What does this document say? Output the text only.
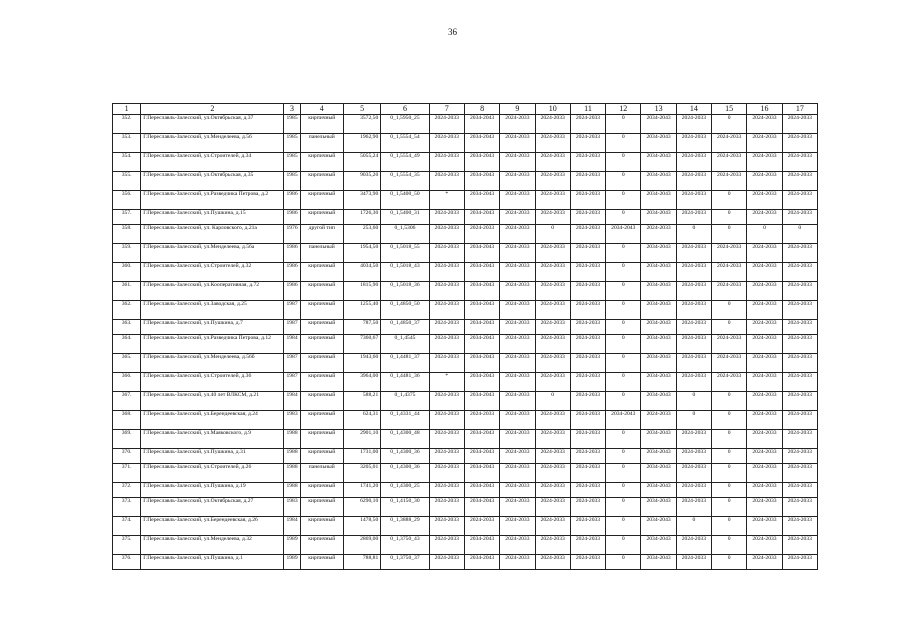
36
1	2	3	4	5	6	7	8	9	10	11	12	13	14	15	16	17
352.	Г.Переславль-Залесский, ул.Октябрьская, д.37	1985	кирпичный	3572,50	0_1,5950_25	2024-2033	2034-2043	2024-2033	2024-2033	2024-2033	0	2034-2043	2024-2033	0	2024-2033	2024-2033
353.	Г.Переславль-Залесский, ул.Менделеева, д.56	1985	панельный	1962,90	0_1,5554_54	2024-2033	2034-2043	2024-2033	2024-2033	2024-2033	0	2034-2043	2024-2033	2024-2033	2024-2033	2024-2033
354.	Г.Переславль-Залесский, ул.Строителей, д.34	1985	кирпичный	5055,24	0_1,5554_49	2024-2033	2034-2043	2024-2033	2024-2033	2024-2033	0	2034-2043	2024-2033	2024-2033	2024-2033	2024-2033
355.	Г.Переславль-Залесский, ул.Октябрьская, д.35	1985	кирпичный	9035,20	0_1,5554_35	2024-2033	2034-2043	2024-2033	2024-2033	2024-2033	0	2034-2043	2024-2033	2024-2033	2024-2033	2024-2033
356.	Г.Переславль-Залесский, ул.Разведчика Петрова, д.2	1986	кирпичный	3473,90	0_1,5400_50	*	2034-2043	2024-2033	2024-2033	2024-2033	0	2034-2043	2024-2033	0	2024-2033	2024-2033
357.	Г.Переславль-Залесский, ул.Пушкина, д.15	1986	кирпичный	1726,30	0_1,5400_31	2024-2033	2034-2043	2024-2033	2024-2033	2024-2033	0	2034-2043	2024-2033	0	2024-2033	2024-2033
358.	Г.Переславль-Залесский, ул. Карловского, д.21а	1976	другой тип	253,60	0_1,5306	2024-2033	2024-2033	2024-2033	0	2024-2033	2034-2043	2024-2033	0	0	0	0
359.	Г.Переславль-Залесский, ул.Менделеева, д.56а	1986	панельный	1954,50	0_1,5018_55	2024-2033	2034-2043	2024-2033	2024-2033	2024-2033	0	2034-2043	2024-2033	2024-2033	2024-2033	2024-2033
360.	Г.Переславль-Залесский, ул.Строителей, д.32	1986	кирпичный	4034,50	0_1,5018_43	2024-2033	2034-2043	2024-2033	2024-2033	2024-2033	0	2034-2043	2024-2033	2024-2033	2024-2033	2024-2033
361.	Г.Переславль-Залесский, ул.Кооперативная, д.72	1986	кирпичный	1815,90	0_1,5018_36	2024-2033	2034-2043	2024-2033	2024-2033	2024-2033	0	2034-2043	2024-2033	2024-2033	2024-2033	2024-2033
362.	Г.Переславль-Залесский, ул.Заводская, д.25	1987	кирпичный	1255,40	0_1,4850_50	2024-2033	2034-2043	2024-2033	2024-2033	2024-2033	0	2034-2043	2024-2033	0	2024-2033	2024-2033
363.	Г.Переславль-Залесский, ул.Пушкина, д.7	1987	кирпичный	787,50	0_1,4850_37	2024-2033	2034-2043	2024-2033	2024-2033	2024-2033	0	2034-2043	2024-2033	0	2024-2033	2024-2033
364.	Г.Переславль-Залесский, ул.Разведчика Петрова, д.12	1984	кирпичный	7360,67	0_1,4545	2024-2033	2034-2043	2024-2033	2024-2033	2024-2033	0	2034-2043	2024-2033	2024-2033	2024-2033	2024-2033
365.	Г.Переславль-Залесский, ул.Менделеева, д.56б	1987	кирпичный	1943,60	0_1,4481_37	2024-2033	2034-2043	2024-2033	2024-2033	2024-2033	0	2034-2043	2024-2033	2024-2033	2024-2033	2024-2033
366.	Г.Переславль-Залесский, ул.Строителей, д.36	1987	кирпичный	3964,00	0_1,4481_36	*	2034-2043	2024-2033	2024-2033	2024-2033	0	2034-2043	2024-2033	2024-2033	2024-2033	2024-2033
367.	Г.Переславль-Залесский, ул.40 лет ВЛКСМ, д.21	1984	кирпичный	588,21	0_1,4375	2024-2033	2034-2043	2024-2033	0	2024-2033	0	2034-2043	0	0	2024-2033	2024-2033
368.	Г.Переславль-Залесский, ул.Берендеевская, д.24	1983	кирпичный	624,31	0_1,4331_44	2024-2033	2024-2033	2024-2033	2024-2033	2024-2033	2034-2043	2024-2033	0	0	2024-2033	2024-2033
369.	Г.Переславль-Залесский, ул.Маяковского, д.9	1988	кирпичный	2901,10	0_1,4300_48	2024-2033	2034-2043	2024-2033	2024-2033	2024-2033	0	2034-2043	2024-2033	0	2024-2033	2024-2033
370.	Г.Переславль-Залесский, ул.Пушкина, д.31	1988	кирпичный	1731,00	0_1,4300_36	2024-2033	2034-2043	2024-2033	2024-2033	2024-2033	0	2034-2043	2024-2033	0	2024-2033	2024-2033
371.	Г.Переславль-Залесский, ул.Строителей, д.26	1988	панельный	3205,01	0_1,4300_36	2024-2033	2034-2043	2024-2033	2024-2033	2024-2033	0	2034-2043	2024-2033	0	2024-2033	2024-2033
372.	Г.Переславль-Залесский, ул.Пушкина, д.19	1988	кирпичный	1741,20	0_1,4300_25	2024-2033	2034-2043	2024-2033	2024-2033	2024-2033	0	2034-2043	2024-2033	0	2024-2033	2024-2033
373.	Г.Переславль-Залесский, ул.Октябрьская, д.27	1983	кирпичный	6290,10	0_1,4150_30	2024-2033	2034-2043	2024-2033	2024-2033	2024-2033	0	2034-2043	2024-2033	0	2024-2033	2024-2033
374.	Г.Переславль-Залесский, ул.Берендеевская, д.26	1984	кирпичный	1478,50	0_1,3888_29	2024-2033	2024-2033	2024-2033	2024-2033	2024-2033	0	2034-2043	0	0	2024-2033	2024-2033
375.	Г.Переславль-Залесский, ул.Менделеева, д.32	1989	кирпичный	2869,00	0_1,3750_43	2024-2033	2034-2043	2024-2033	2024-2033	2024-2033	0	2034-2043	2024-2033	0	2024-2033	2024-2033
376.	Г.Переславль-Залесский, ул.Пушкина, д.1	1989	кирпичный	788,81	0_1,3750_37	2024-2033	2034-2043	2024-2033	2024-2033	2024-2033	0	2034-2043	2024-2033	0	2024-2033	2024-2033
